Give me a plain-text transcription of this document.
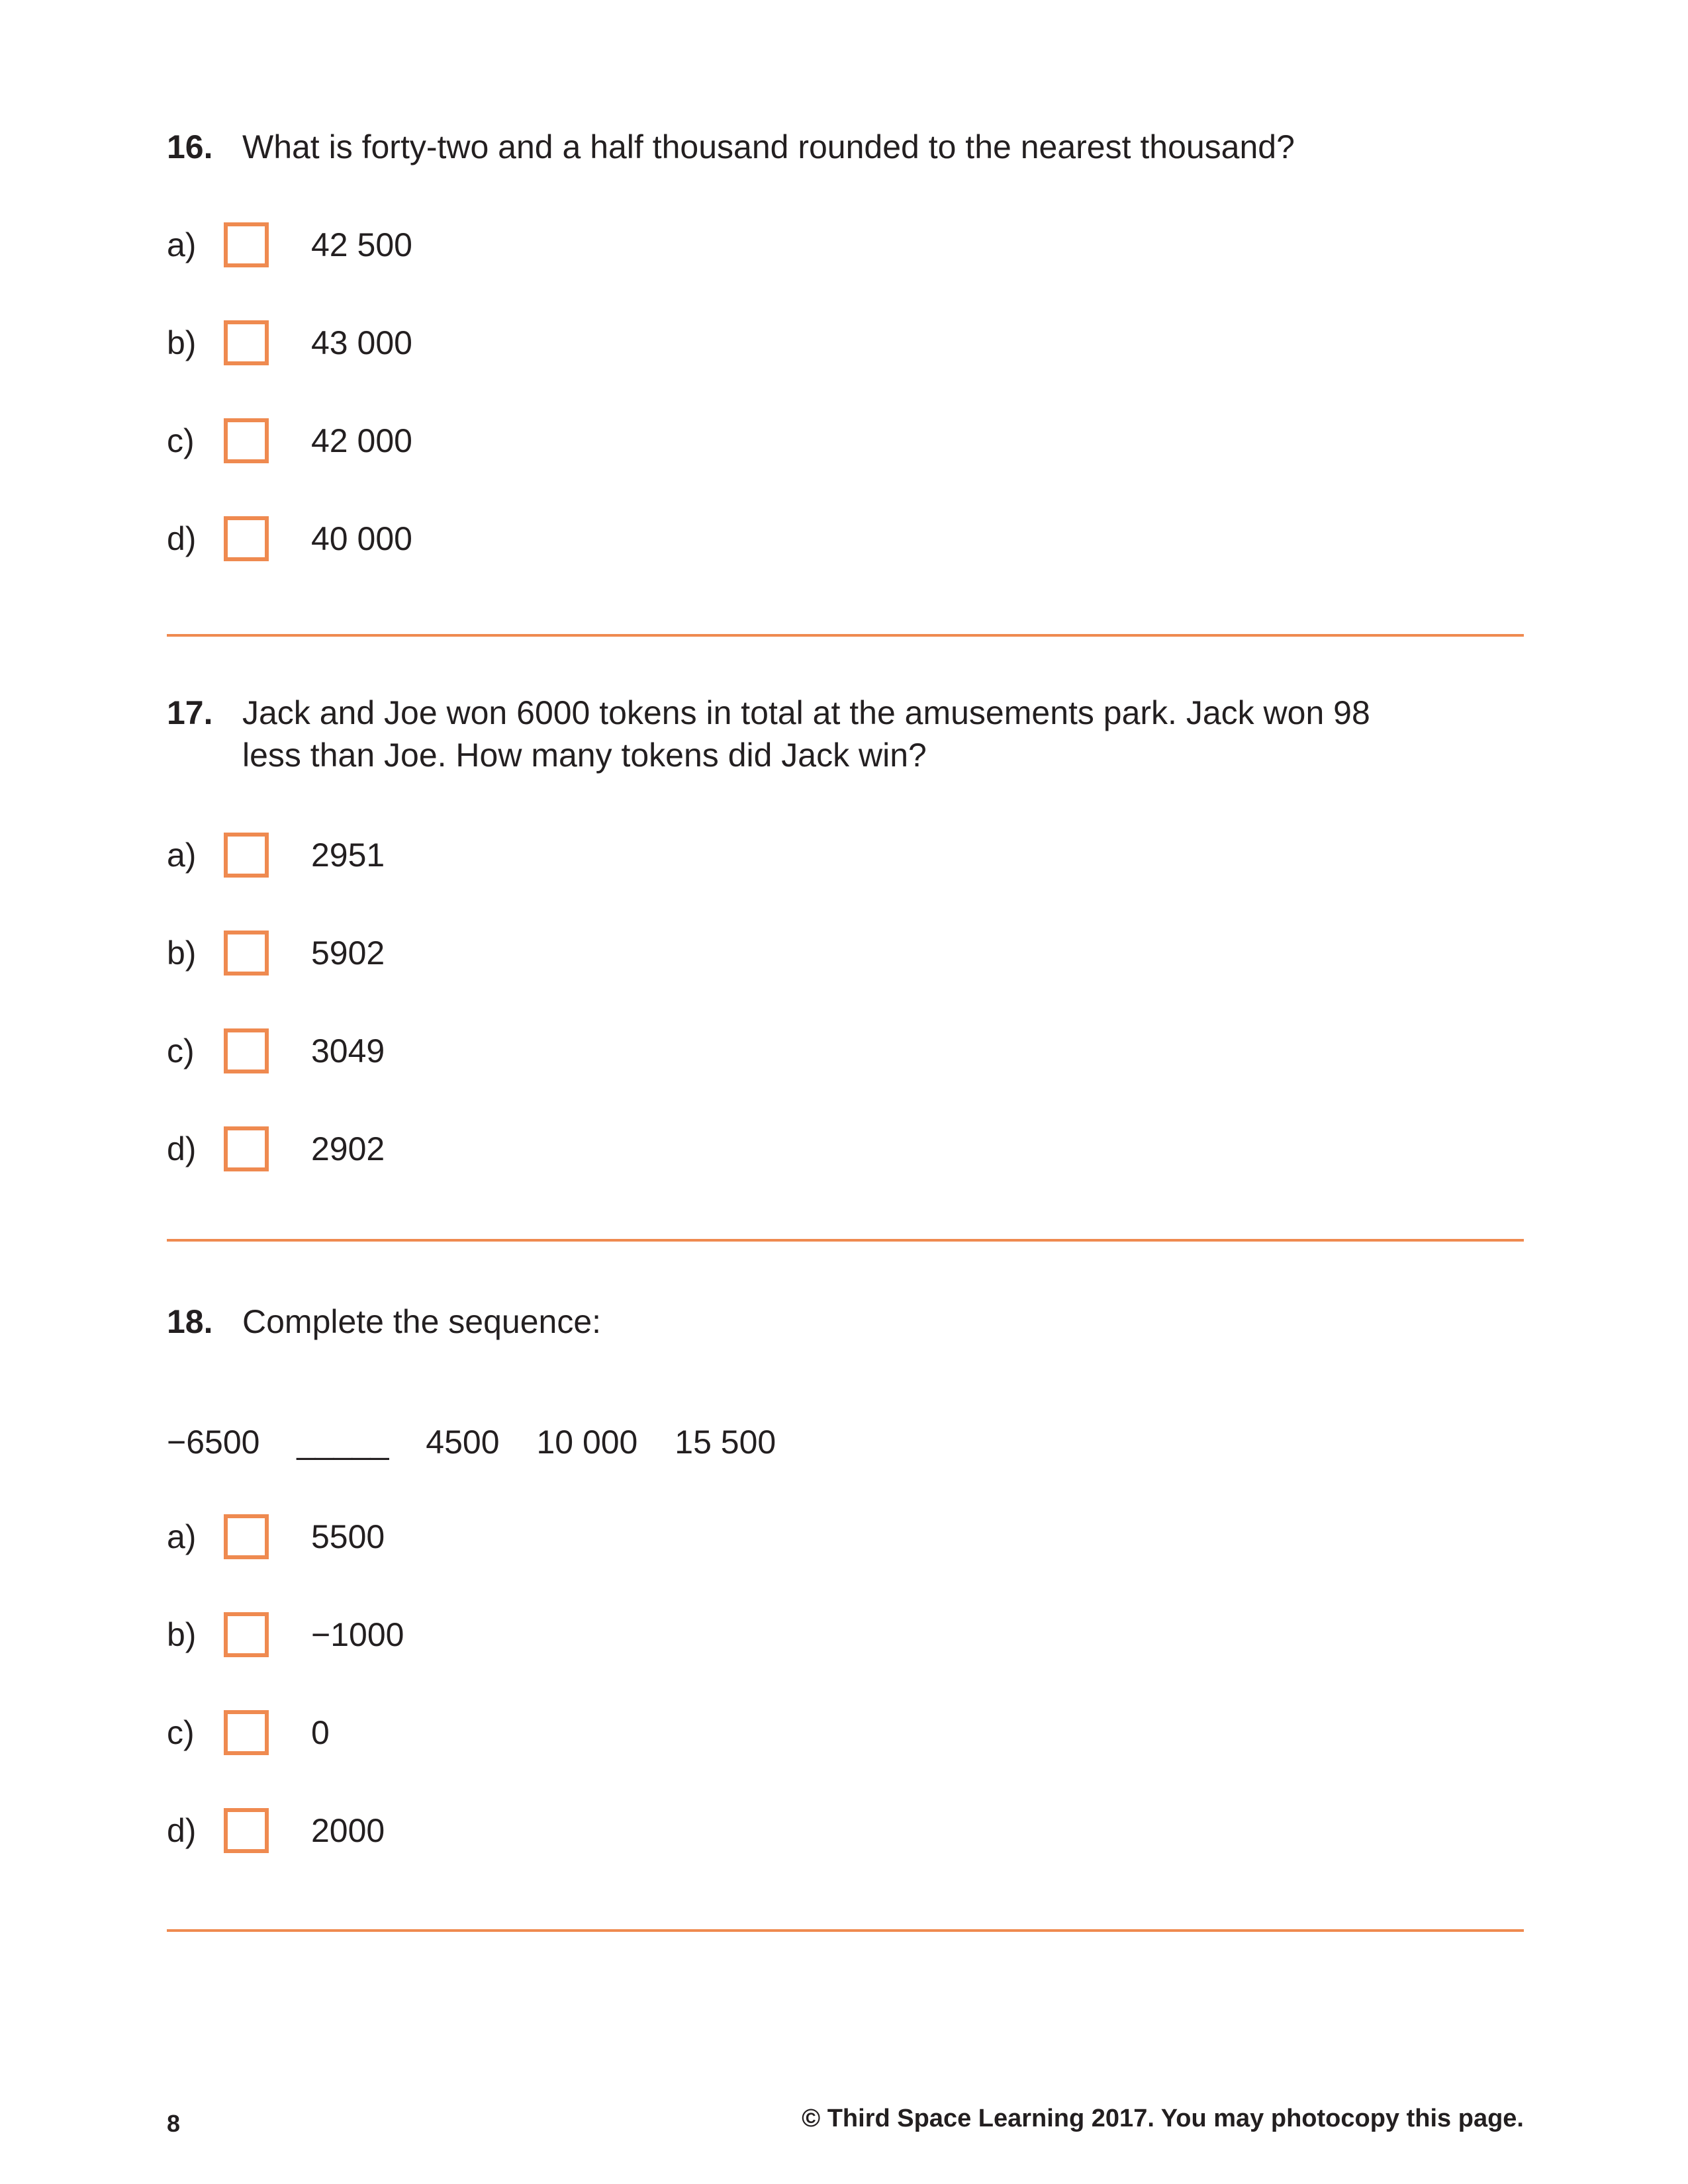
16. What is forty-two and a half thousand rounded to the nearest thousand?
a)	42 500
b)	43 000
c)	42 000
d)	40 000
17. Jack and Joe won 6000 tokens in total at the amusements park. Jack won 98
less than Joe. How many tokens did Jack win?
a)	2951
b)	5902
c)	3049
d)	2902
18. Complete the sequence:
−6500 _____ 4500 10 000 15 500
a)	5500
b)	−1000
c)	0
d)	2000
8	© Third Space Learning 2017. You may photocopy this page.
